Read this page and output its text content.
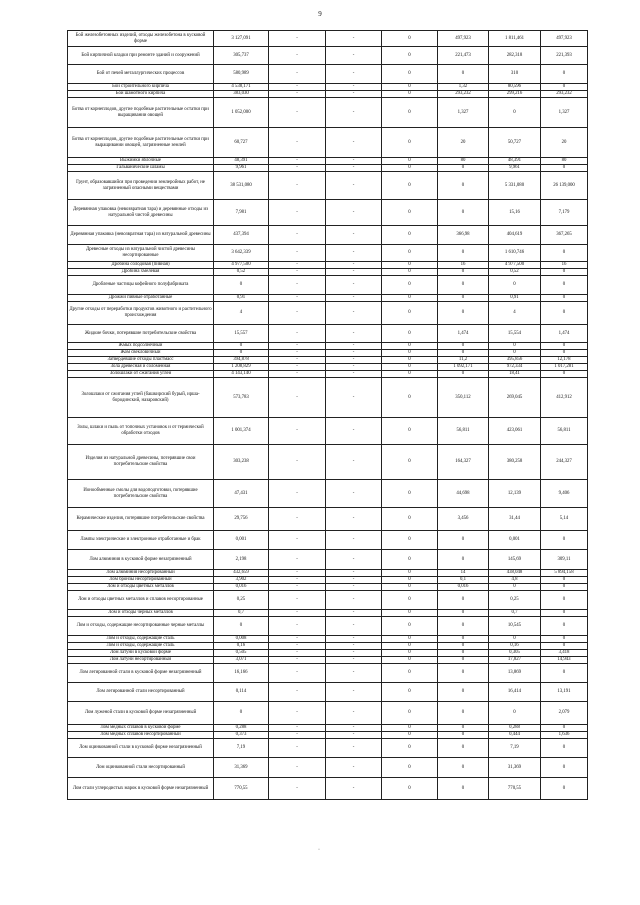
9
Бой железобетонных изделий, отходы железобетона в кусковой форме	3 127,091	-	-	0	497,923	1 811,461	497,923
Бой кирпичной кладки при ремонте зданий и сооружений	305,737	-	-	0	221,473	282,318	221,393
Бой от печей металлургических процессов	580,989	-	-	0	0	310	0
Бой строительного кирпича	4 538,171	-	-	0	1,32	80,596	0
Бой шамотного кирпича	383,030	-	-	0	293,232	299,216	293,232
Ботва от корнеплодов, другие подобные растительные остатки при выращивании овощей	1 052,000	-	-	0	1,327	0	1,327
Ботва от корнеплодов, другие подобные растительные остатки при выращивании овощей, загрязненные землей	60,727	-	-	0	20	50,727	20
Выжимки яблочные	48,391	-	-	0	80	48,391	80
Гальванические шламы	9,961	-	-	0	0	9,961	0
Грунт, образовавшийся при проведении землеройных работ, не загрязненный опасными веществами	38 531,080	-	-	0	0	5 331,080	26 139,000
Деревянная упаковка (невозвратная тара) и деревянные отходы из натуральной чистой древесины	7,981	-	-	0	0	15,16	7,179
Деревянная упаковка (невозвратная тара) из натуральной древесины	437,394	-	-	0	366,98	404,619	367,265
Древесные отходы из натуральной чистой древесины несортированные	3 642,339	-	-	0	0	1 610,746	0
Дробина солодовая (пивная)	4 977,500	-	-	0	16	4 977,500	16
Дробина хмелевая	0,52	-	-	0	0	0,52	0
Дробленые частицы кофейного полуфабриката	0	-	-	0	0	0	0
Дрожжи пивные отработанные	0,91	-	-	0	0	0,91	0
Другие отходы от переработки продуктов животного и растительного происхождения	4	-	-	0	0	4	0
Жидкие бочки, потерявшие потребительские свойства	15,557	-	-	0	1,474	15,554	1,474
Жмых подсолнечный	0	-	-	0	0	0	0
Жом свекловичный	0	-	-	0	0	0	0
Затвердевшие отходы пластмасс	394,878	-	-	0	11,2	395,856	12,178
Зола древесная и соломенная	1 208,829	-	-	0	1 092,171	972,334	1 017,281
Золошлаки от сжигания углей	4 143,140	-	-	0	0	18,41	0
Золошлаки от сжигания углей (башкирский бурый, ирша-бородинский, назаровский)	573,783	-	-	0	350,112	269,045	412,912
Золы, шлаки и пыль от топочных установок и от термической обработки отходов	1 001,374	-	-	0	56,811	423,061	56,811
Изделия из натуральной древесины, потерявшие свои потребительские свойства	303,238	-	-	0	164,327	380,258	244,327
Ионообменные смолы для водоподготовки, потерявшие потребительские свойства	47,431	-	-	0	44,698	12,139	9,406
Керамические изделия, потерявшие потребительские свойства	29,756	-	-	0	3,456	31,44	5,14
Лампы электрические и электронные отработанные и брак	0,001	-	-	0	0	0,001	0
Лом алюминия в кусковой форме незагрязненный	2,198	-	-	0	0	145,69	309,11
Лом алюминия несортированный	432,659	-	-	0	14	438,048	5 894,158
Лом бронзы несортированный	3,902	-	-	0	0,1	4,8	0
Лом и отходы цветных металлов	0,016	-	-	0	0,016	0	0
Лом и отходы цветных металлов и сплавов несортированные	0,25	-	-	0	0	0,25	0
Лом и отходы черных металлов	0,7	-	-	0	0	0,7	0
Лом и отходы, содержащие несортированные черные металлы	0	-	-	0	0	10,545	0
Лом и отходы, содержащие сталь	0,008	-	-	0	0	0	0
Лом и отходы, содержащие сталь	0,16	-	-	0	0	0,16	0
Лом латуни в кусковой форме	0,505	-	-	0	0	0,305	3,418
Лом латуни несортированный	3,071	-	-	0	0	17,827	14,943
Лом легированной стали в кусковой форме незагрязненный	16,166	-	-	0	0	13,869	0
Лом легированной стали несортированный	0,114	-	-	0	0	16,414	13,191
Лом луженой стали в кусковой форме незагрязненный	0	-	-	0	0	0	2,079
Лом медных сплавов в кусковой форме	0,288	-	-	0	0	0,288	0
Лом медных сплавов несортированный	0,373	-	-	0	0	0,444	1,636
Лом оцинкованной стали в кусковой форме незагрязненный	7,19	-	-	0	0	7,19	0
Лом оцинкованной стали несортированный	31,369	-	-	0	0	31,369	0
Лом стали углеродистых марок в кусковой форме незагрязненный	770,55	-	-	0	0	770,55	0
·
